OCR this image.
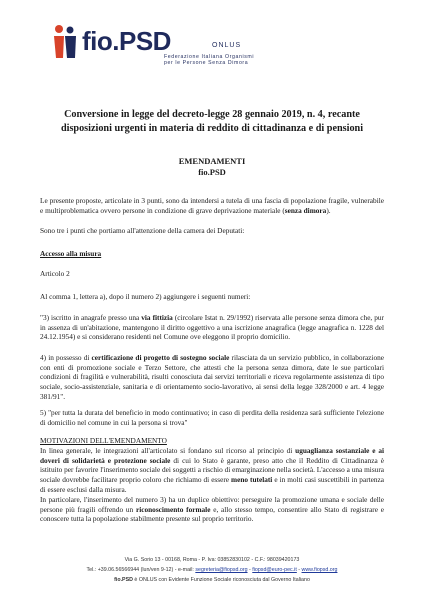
fio.PSD	ONLUS
Federazione Italiana Organismi
per le Persone Senza Dimora
Conversione in legge del decreto-legge 28 gennaio 2019, n. 4, recante
disposizioni urgenti in materia di reddito di cittadinanza e di pensioni
EMENDAMENTI
fio.PSD
Le presente proposte, articolate in 3 punti, sono da intendersi a tutela di una fascia di popolazione fragile, vulnerabile e multiproblematica ovvero persone in condizione di grave deprivazione materiale (senza dimora).
Sono tre i punti che portiamo all'attenzione della camera dei Deputati:
Accesso alla misura
Articolo 2
Al comma 1, lettera a), dopo il numero 2) aggiungere i seguenti numeri:
"3) iscritto in anagrafe presso una via fittizia (circolare Istat n. 29/1992) riservata alle persone senza dimora che, pur in assenza di un'abitazione, mantengono il diritto oggettivo a una iscrizione anagrafica (legge anagrafica n. 1228 del 24.12.1954) e si considerano residenti nel Comune ove eleggono il proprio domicilio.
4) in possesso di certificazione di progetto di sostegno sociale rilasciata da un servizio pubblico, in collaborazione con enti di promozione sociale e Terzo Settore, che attesti che la persona senza dimora, date le sue particolari condizioni di fragilità e vulnerabilità, risulti conosciuta dai servizi territoriali e riceva regolarmente assistenza di tipo sociale, socio-assistenziale, sanitaria e di orientamento socio-lavorativo, ai sensi della legge 328/2000 e art. 4 legge 381/91".
5) "per tutta la durata del beneficio in modo continuativo; in caso di perdita della residenza sarà sufficiente l'elezione di domicilio nel comune in cui la persona si trova"
MOTIVAZIONI DELL'EMENDAMENTO
In linea generale, le integrazioni all'articolato si fondano sul ricorso al principio di uguaglianza sostanziale e ai doveri di solidarietà e protezione sociale di cui lo Stato è garante, preso atto che il Reddito di Cittadinanza è istituito per favorire l'inserimento sociale dei soggetti a rischio di emarginazione nella società. L'accesso a una misura sociale dovrebbe facilitare proprio coloro che richiamo di essere meno tutelati e in molti casi suscettibili in partenza di essere esclusi dalla misura.
In particolare, l'inserimento del numero 3) ha un duplice obiettivo: perseguire la promozione umana e sociale delle persone più fragili offrendo un riconoscimento formale e, allo stesso tempo, consentire allo Stato di registrare e conoscere tutta la popolazione stabilmente presente sul proprio territorio.
Via G. Sorio 13 - 00168, Roma - P. Iva: 03852830102 - C.F.: 98039420173
Tel.: +39.06.56566944 (lun/ven 9-12) - e-mail: segreteria@fiopsd.org - fiopsd@euro-pec.it - www.fiopsd.org
fio.PSD è ONLUS con Evidente Funzione Sociale riconosciuta dal Governo Italiano
